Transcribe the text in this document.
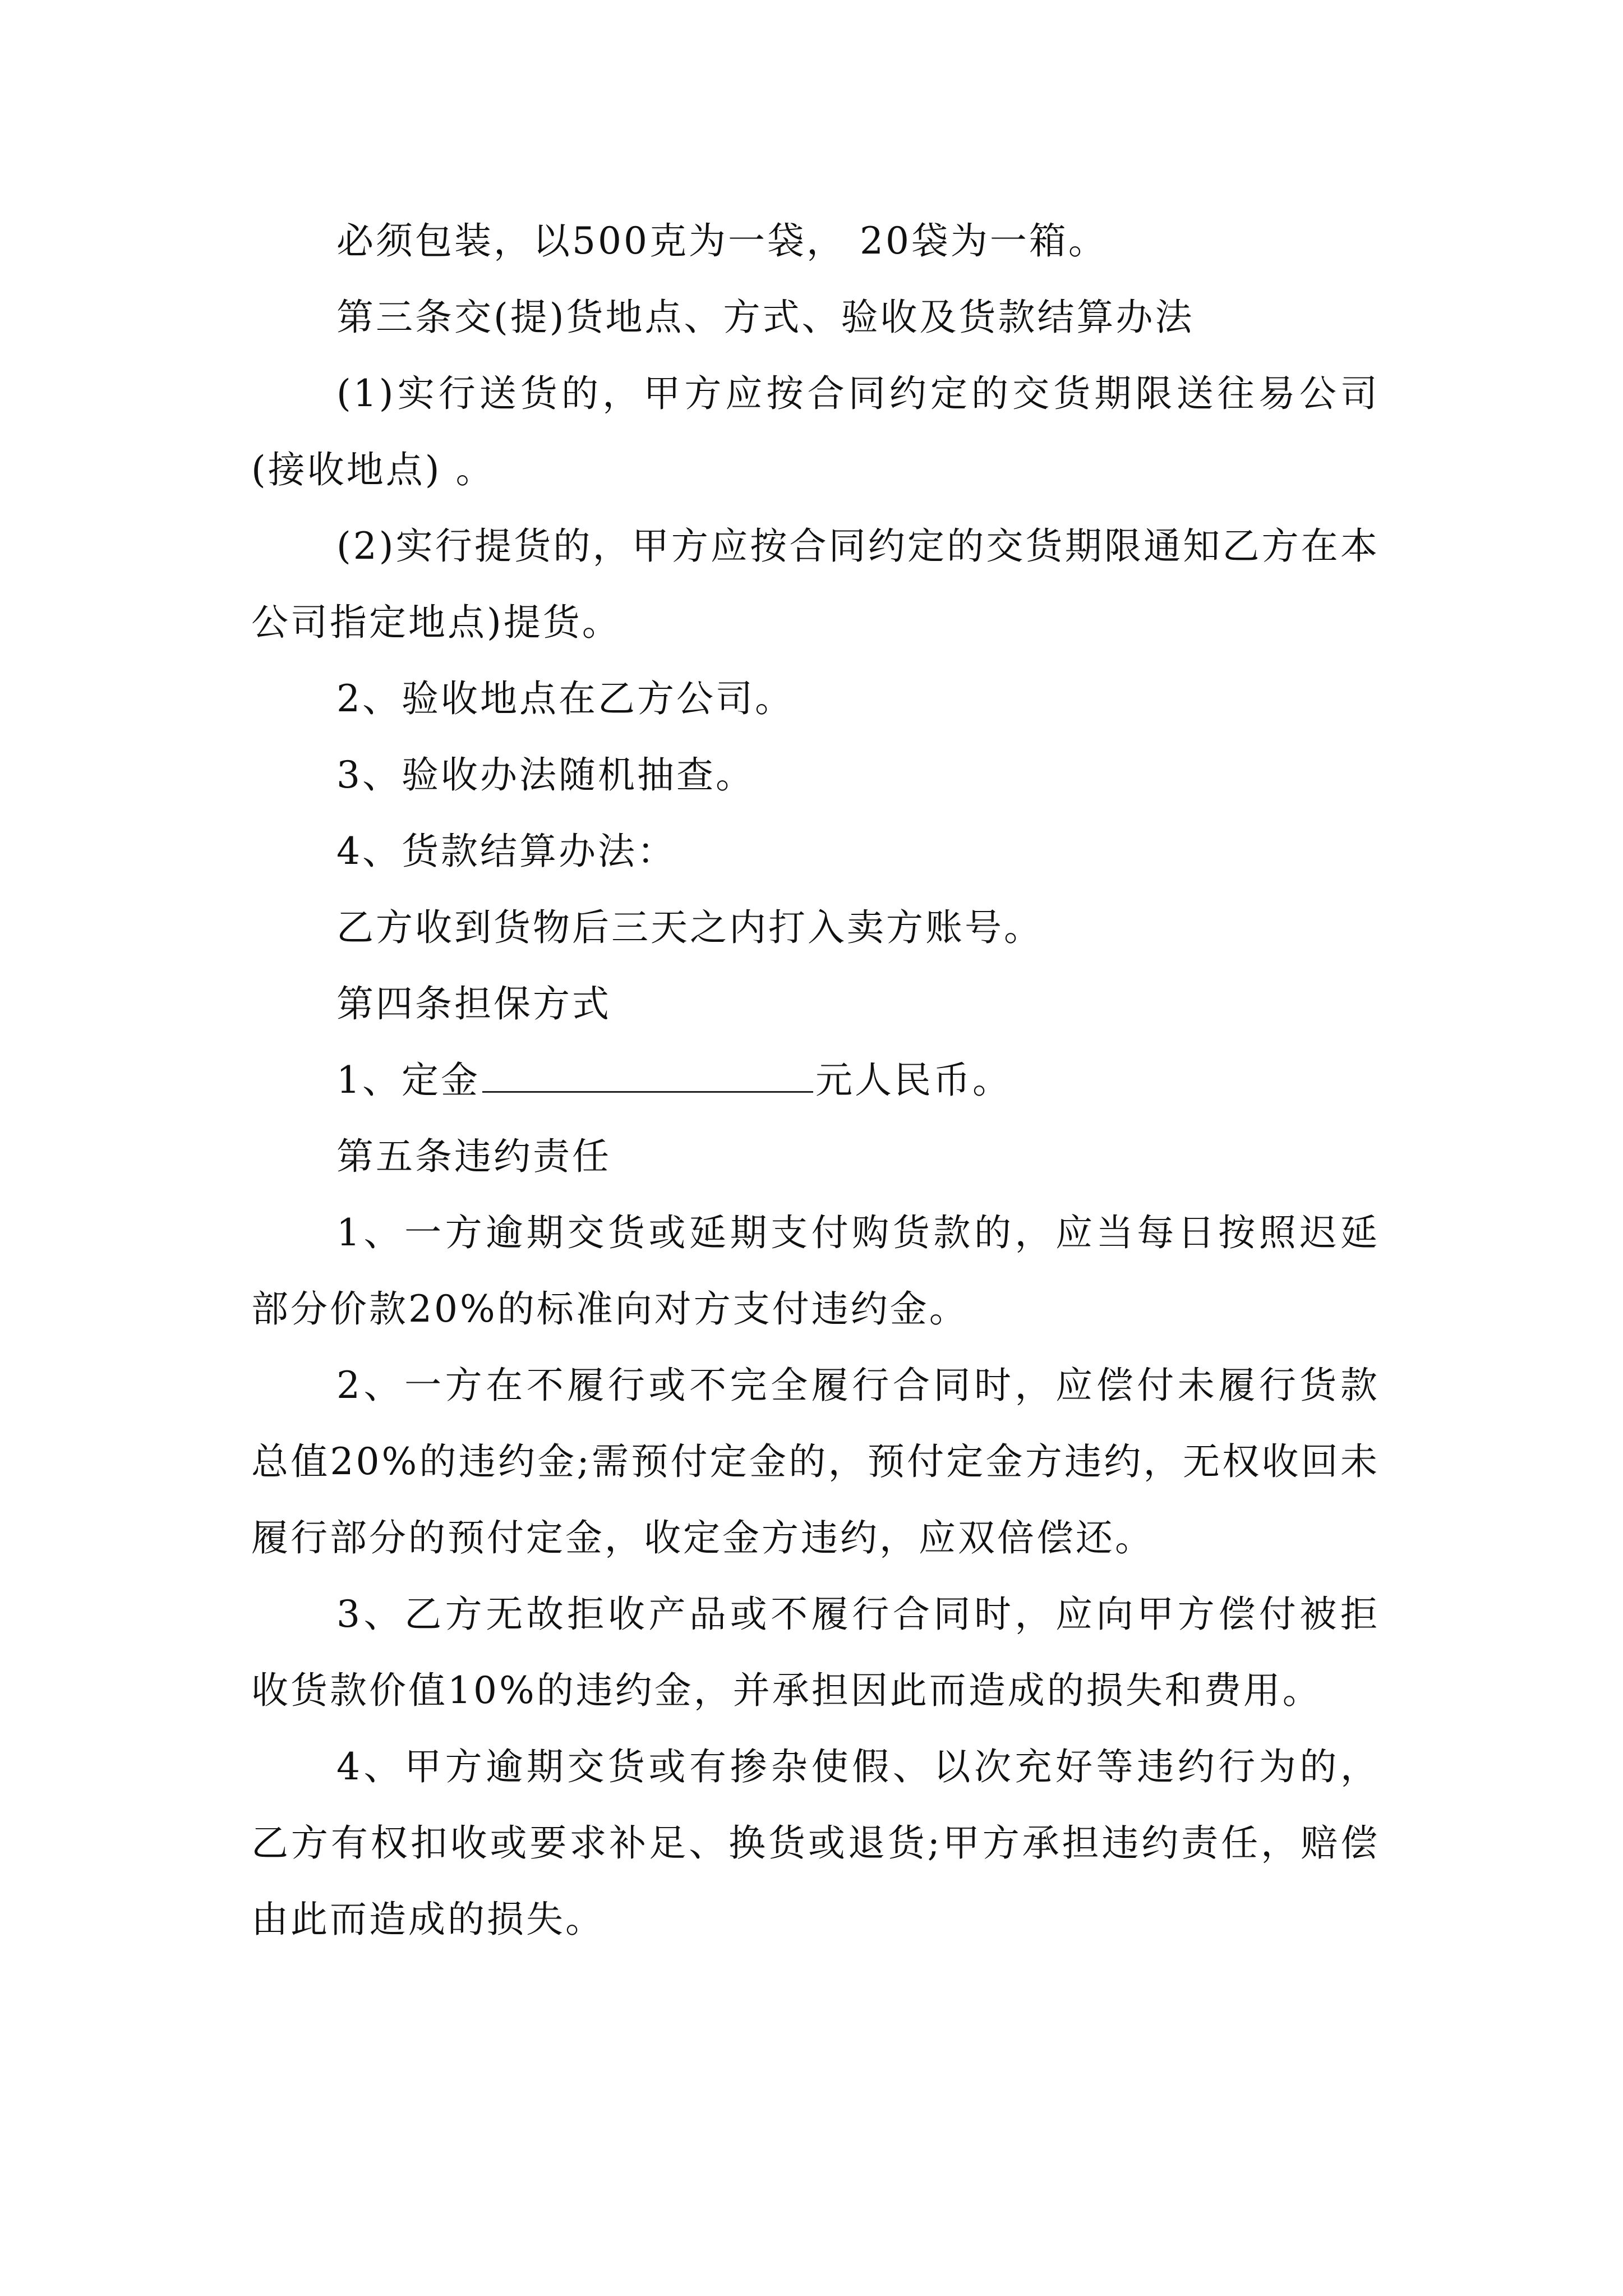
必须包装，以500克为一袋， 20袋为一箱。

第三条交(提)货地点、方式、验收及货款结算办法

(1)实行送货的，甲方应按合同约定的交货期限送往易公司(接收地点) 。

(2)实行提货的，甲方应按合同约定的交货期限通知乙方在本公司指定地点)提货。

2、验收地点在乙方公司。

3、验收办法随机抽查。

4、货款结算办法：

乙方收到货物后三天之内打入卖方账号。

第四条担保方式

1、定金	元人民币。

第五条违约责任

1、一方逾期交货或延期支付购货款的，应当每日按照迟延部分价款20%的标准向对方支付违约金。

2、一方在不履行或不完全履行合同时，应偿付未履行货款总值20%的违约金;需预付定金的，预付定金方违约，无权收回未履行部分的预付定金，收定金方违约，应双倍偿还。

3、乙方无故拒收产品或不履行合同时，应向甲方偿付被拒收货款价值10%的违约金，并承担因此而造成的损失和费用。

4、甲方逾期交货或有掺杂使假、以次充好等违约行为的，乙方有权扣收或要求补足、换货或退货;甲方承担违约责任，赔偿由此而造成的损失。
